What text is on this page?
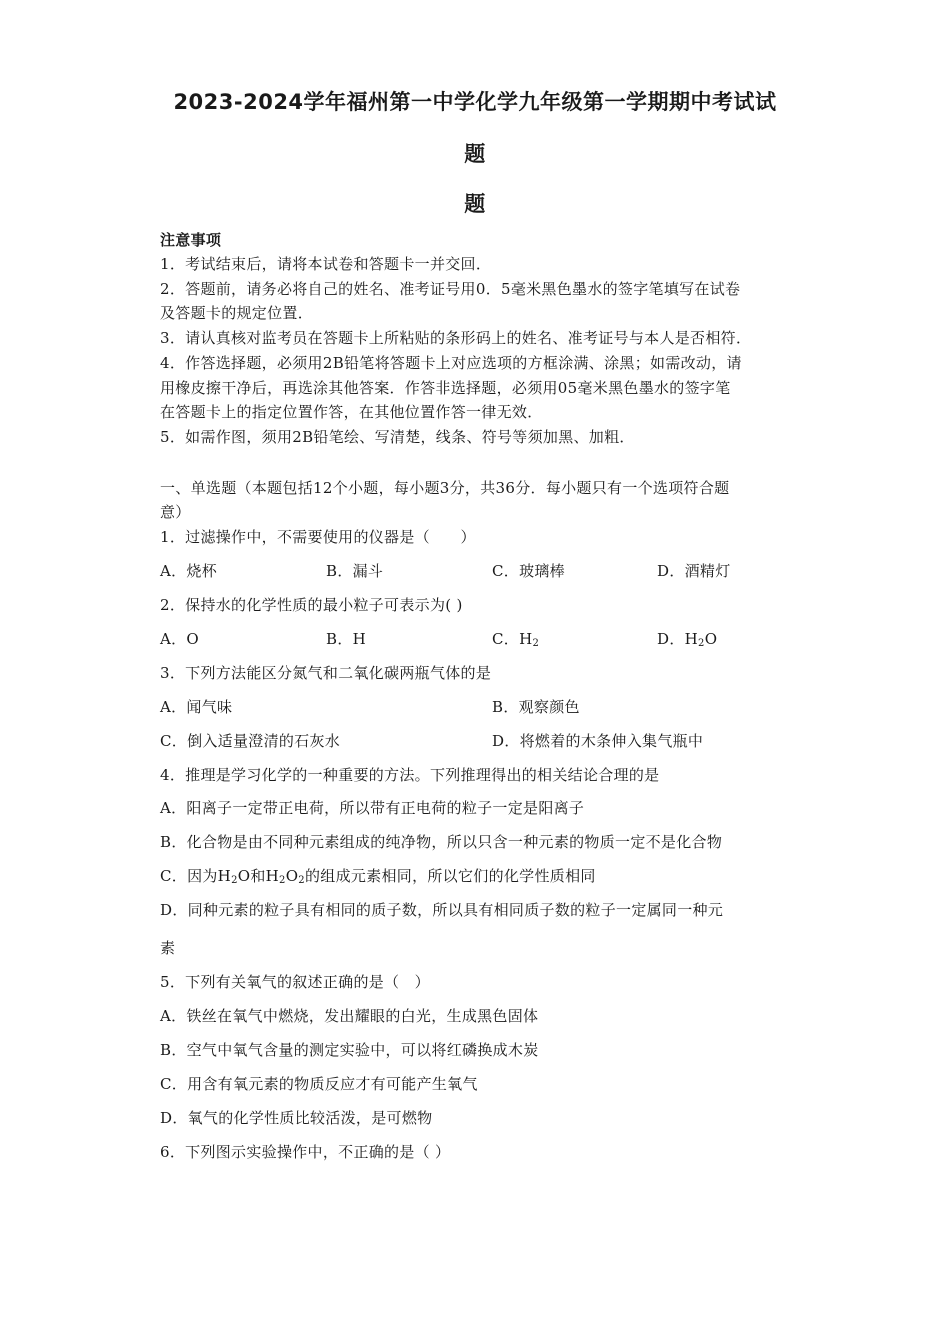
2023-2024学年福州第一中学化学九年级第一学期期中考试试
题
题
注意事项
1．考试结束后，请将本试卷和答题卡一并交回．
2．答题前，请务必将自己的姓名、准考证号用0．5毫米黑色墨水的签字笔填写在试卷
及答题卡的规定位置．
3．请认真核对监考员在答题卡上所粘贴的条形码上的姓名、准考证号与本人是否相符．
4．作答选择题，必须用2B铅笔将答题卡上对应选项的方框涂满、涂黑；如需改动，请
用橡皮擦干净后，再选涂其他答案．作答非选择题，必须用05毫米黑色墨水的签字笔
在答题卡上的指定位置作答，在其他位置作答一律无效．
5．如需作图，须用2B铅笔绘、写清楚，线条、符号等须加黑、加粗．
一、单选题（本题包括12个小题，每小题3分，共36分．每小题只有一个选项符合题
意）
1．过滤操作中，不需要使用的仪器是（　　）
A．烧杯	B．漏斗	C．玻璃棒	D．酒精灯
2．保持水的化学性质的最小粒子可表示为( )
A．O	B．H	C．$H_2$	D．$H_2O$
3．下列方法能区分氮气和二氧化碳两瓶气体的是
A．闻气味	B．观察颜色
C．倒入适量澄清的石灰水	D．将燃着的木条伸入集气瓶中
4．推理是学习化学的一种重要的方法。下列推理得出的相关结论合理的是
A．阳离子一定带正电荷，所以带有正电荷的粒子一定是阳离子
B．化合物是由不同种元素组成的纯净物，所以只含一种元素的物质一定不是化合物
C．因为$H_2O$和$H_2O_2$的组成元素相同，所以它们的化学性质相同
D．同种元素的粒子具有相同的质子数，所以具有相同质子数的粒子一定属同一种元
素
5．下列有关氧气的叙述正确的是（　）
A．铁丝在氧气中燃烧，发出耀眼的白光，生成黑色固体
B．空气中氧气含量的测定实验中，可以将红磷换成木炭
C．用含有氧元素的物质反应才有可能产生氧气
D．氧气的化学性质比较活泼，是可燃物
6．下列图示实验操作中，不正确的是（ ）
